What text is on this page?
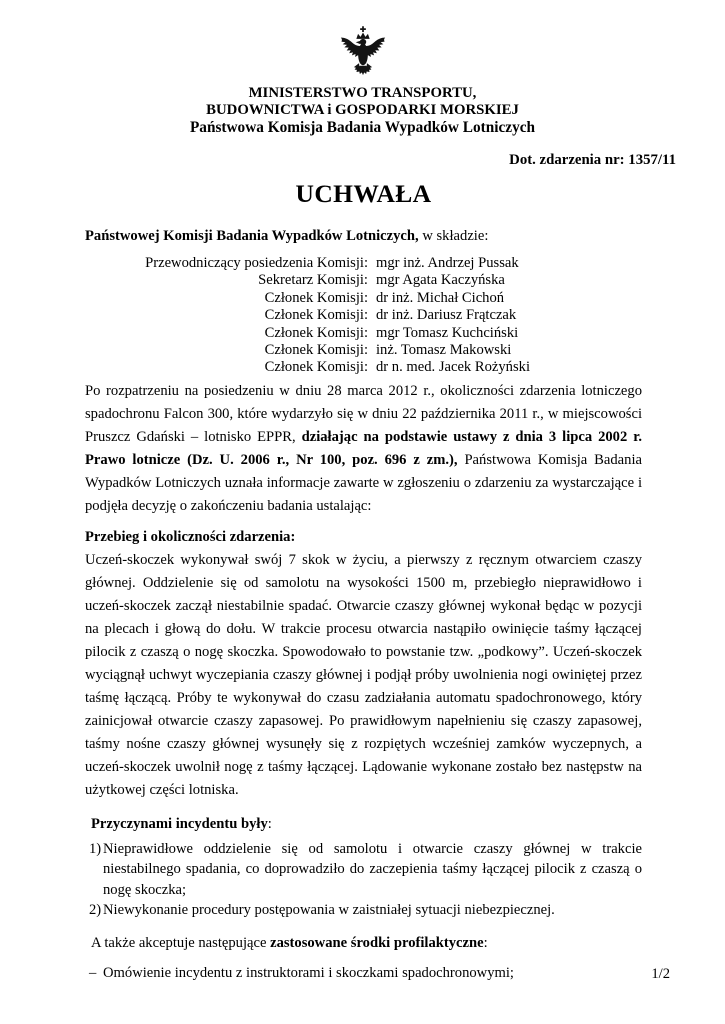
MINISTERSTWO TRANSPORTU,
BUDOWNICTWA i GOSPODARKI MORSKIEJ
Państwowa Komisja Badania Wypadków Lotniczych
Dot. zdarzenia nr: 1357/11
UCHWAŁA

Państwowej Komisji Badania Wypadków Lotniczych, w składzie:

Przewodniczący posiedzenia Komisji: mgr inż. Andrzej Pussak
Sekretarz Komisji: mgr Agata Kaczyńska
Członek Komisji: dr inż. Michał Cichoń
Członek Komisji: dr inż. Dariusz Frątczak
Członek Komisji: mgr Tomasz Kuchciński
Członek Komisji: inż. Tomasz Makowski
Członek Komisji: dr n. med. Jacek Rożyński

Po rozpatrzeniu na posiedzeniu w dniu 28 marca 2012 r., okoliczności zdarzenia lotniczego spadochronu Falcon 300, które wydarzyło się w dniu 22 października 2011 r., w miejscowości Pruszcz Gdański – lotnisko EPPR, działając na podstawie ustawy z dnia 3 lipca 2002 r. Prawo lotnicze (Dz. U. 2006 r., Nr 100, poz. 696 z zm.), Państwowa Komisja Badania Wypadków Lotniczych uznała informacje zawarte w zgłoszeniu o zdarzeniu za wystarczające i podjęła decyzję o zakończeniu badania ustalając:

Przebieg i okoliczności zdarzenia:

Uczeń-skoczek wykonywał swój 7 skok w życiu, a pierwszy z ręcznym otwarciem czaszy głównej. Oddzielenie się od samolotu na wysokości 1500 m, przebiegło nieprawidłowo i uczeń-skoczek zaczął niestabilnie spadać. Otwarcie czaszy głównej wykonał będąc w pozycji na plecach i głową do dołu. W trakcie procesu otwarcia nastąpiło owinięcie taśmy łączącej pilocik z czaszą o nogę skoczka. Spowodowało to powstanie tzw. „podkowy”. Uczeń-skoczek wyciągnął uchwyt wyczepiania czaszy głównej i podjął próby uwolnienia nogi owiniętej przez taśmę łączącą. Próby te wykonywał do czasu zadziałania automatu spadochronowego, który zainicjował otwarcie czaszy zapasowej. Po prawidłowym napełnieniu się czaszy zapasowej, taśmy nośne czaszy głównej wysunęły się z rozpiętych wcześniej zamków wyczepnych, a uczeń-skoczek uwolnił nogę z taśmy łączącej. Lądowanie wykonane zostało bez następstw na użytkowej części lotniska.

Przyczynami incydentu były:

1) Nieprawidłowe oddzielenie się od samolotu i otwarcie czaszy głównej w trakcie niestabilnego spadania, co doprowadziło do zaczepienia taśmy łączącej pilocik z czaszą o nogę skoczka;
2) Niewykonanie procedury postępowania w zaistniałej sytuacji niebezpiecznej.

A także akceptuje następujące zastosowane środki profilaktyczne:

– Omówienie incydentu z instruktorami i skoczkami spadochronowymi;	1/2
